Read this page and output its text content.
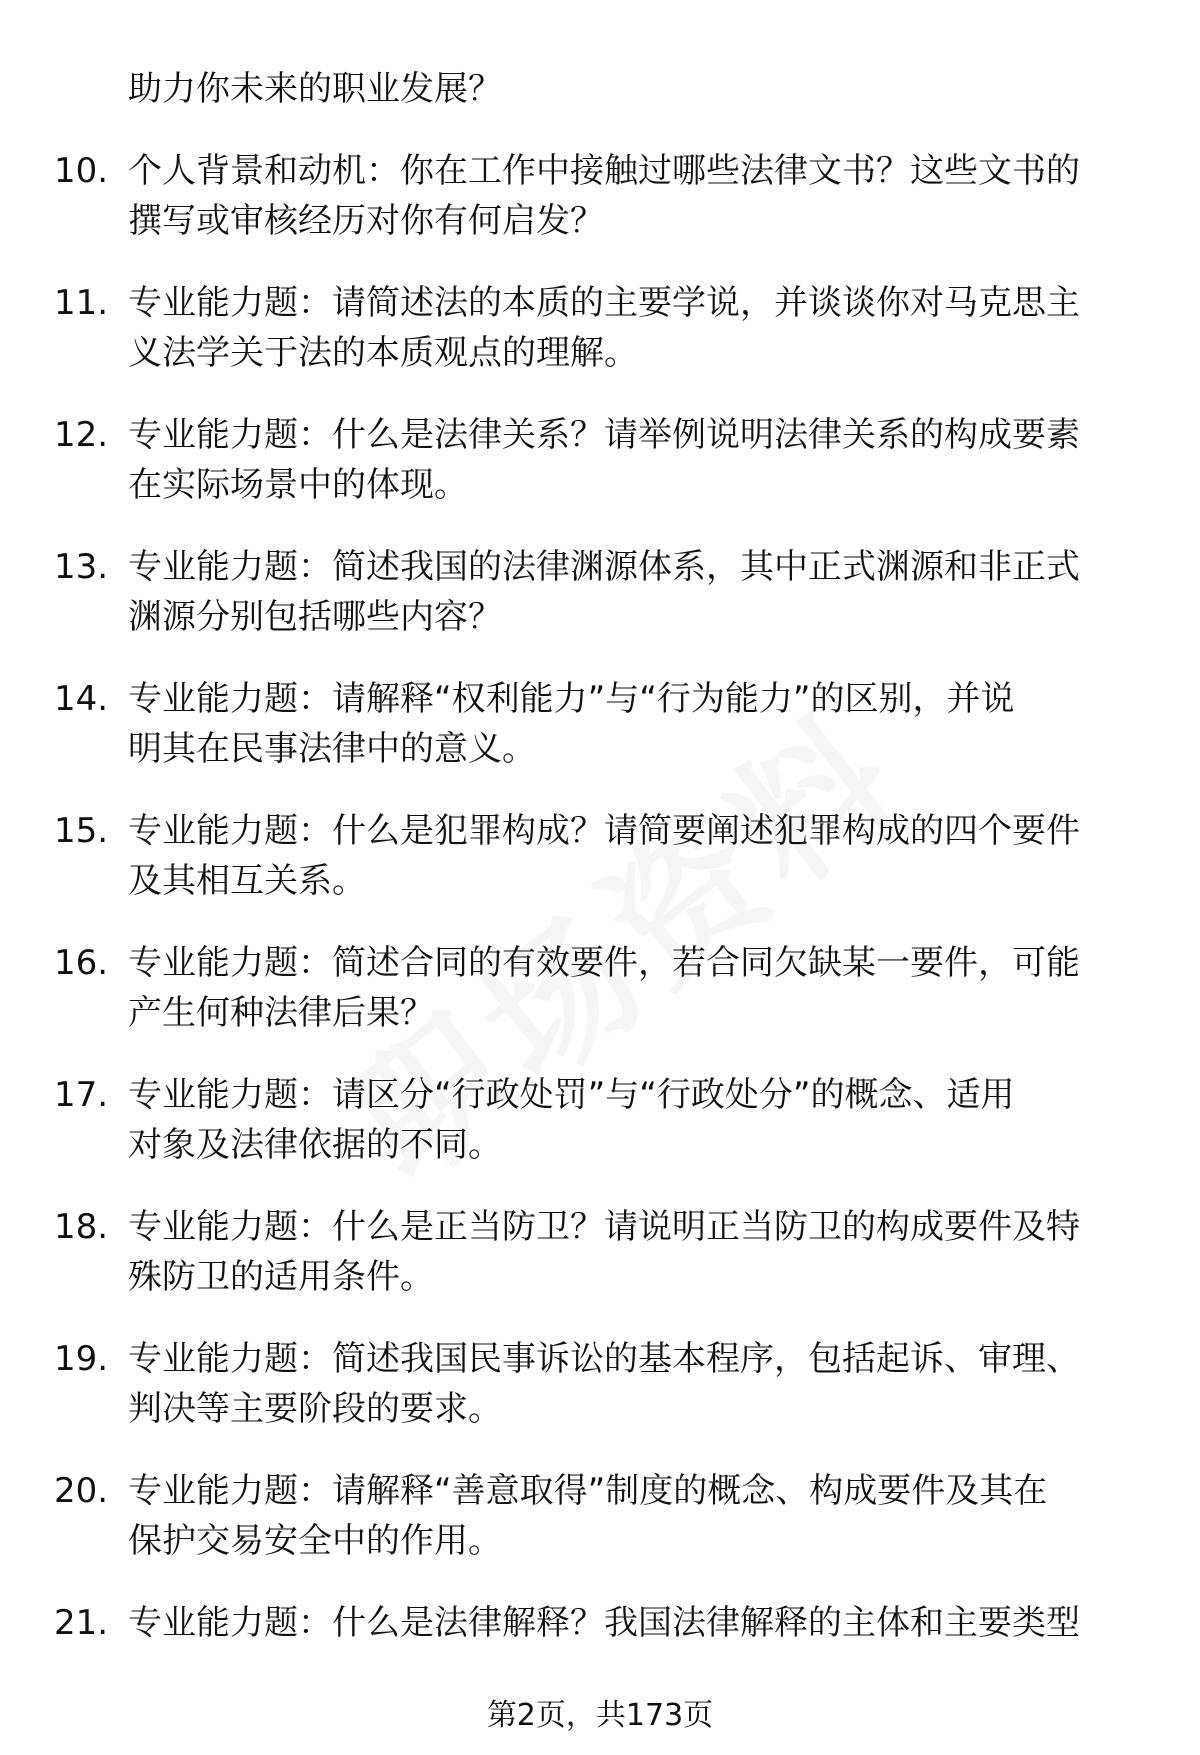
助力你未来的职业发展？
10. 个人背景和动机：你在工作中接触过哪些法律文书？这些文书的
撰写或审核经历对你有何启发？
11. 专业能力题：请简述法的本质的主要学说，并谈谈你对马克思主
义法学关于法的本质观点的理解。
12. 专业能力题：什么是法律关系？请举例说明法律关系的构成要素
在实际场景中的体现。
13. 专业能力题：简述我国的法律渊源体系，其中正式渊源和非正式
渊源分别包括哪些内容？
14. 专业能力题：请解释“权利能力”与“行为能力”的区别，并说
明其在民事法律中的意义。
15. 专业能力题：什么是犯罪构成？请简要阐述犯罪构成的四个要件
及其相互关系。
16. 专业能力题：简述合同的有效要件，若合同欠缺某一要件，可能
产生何种法律后果？
17. 专业能力题：请区分“行政处罚”与“行政处分”的概念、适用
对象及法律依据的不同。
18. 专业能力题：什么是正当防卫？请说明正当防卫的构成要件及特
殊防卫的适用条件。
19. 专业能力题：简述我国民事诉讼的基本程序，包括起诉、审理、
判决等主要阶段的要求。
20. 专业能力题：请解释“善意取得”制度的概念、构成要件及其在
保护交易安全中的作用。
21. 专业能力题：什么是法律解释？我国法律解释的主体和主要类型
第2页，共173页
